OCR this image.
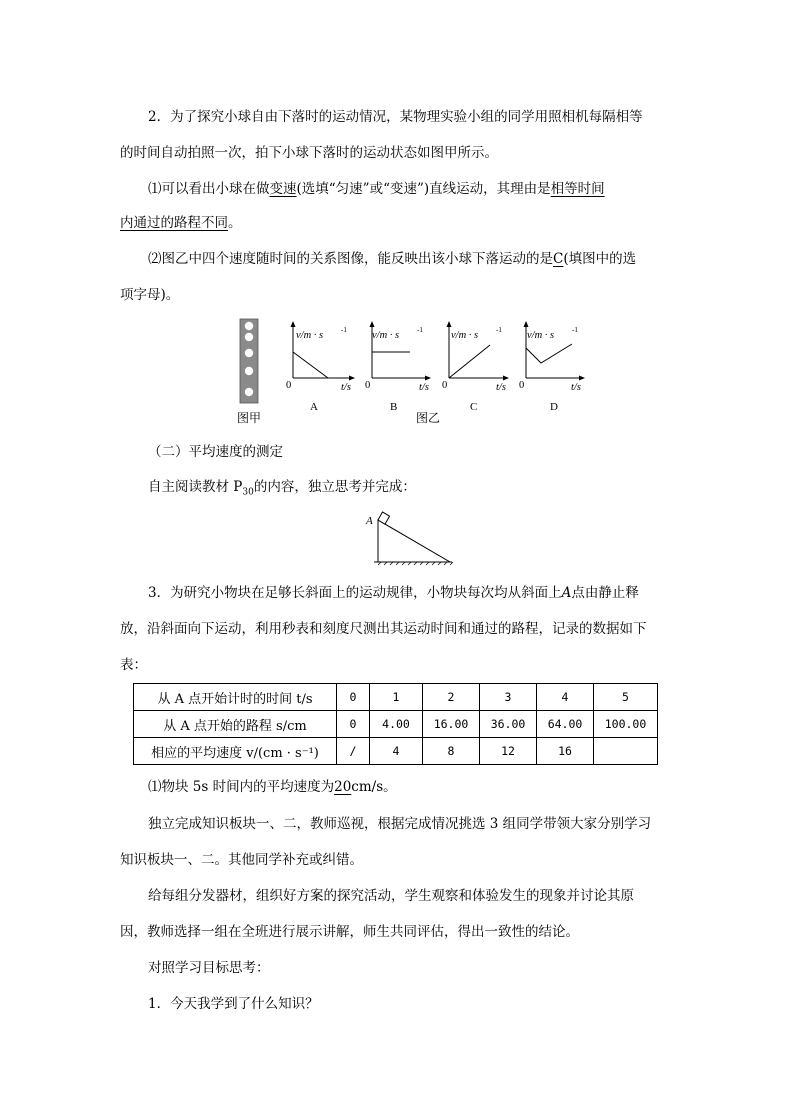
2．为了探究小球自由下落时的运动情况，某物理实验小组的同学用照相机每隔相等
的时间自动拍照一次，拍下小球下落时的运动状态如图甲所示。
⑴可以看出小球在做变速(选填“匀速”或“变速”)直线运动，其理由是相等时间
内通过的路程不同。
⑵图乙中四个速度随时间的关系图像，能反映出该小球下落运动的是C(填图中的选
项字母)。
图甲	图乙
v/m · s	-1
0	t/s
A
v/m · s	-1
0	t/s
B
v/m · s	-1
0	t/s
C
v/m · s	-1
0	t/s
D
（二）平均速度的测定
自主阅读教材 $P_{30}$的内容，独立思考并完成：
A
3．为研究小物块在足够长斜面上的运动规律，小物块每次均从斜面上A点由静止释
放，沿斜面向下运动，利用秒表和刻度尺测出其运动时间和通过的路程，记录的数据如下
表：
从 A 点开始计时的时间 t/s	0	1	2	3	4	5
从 A 点开始的路程 s/cm	0	4.00	16.00	36.00	64.00	100.00
相应的平均速度 v/(cm · s⁻¹)	/	4	8	12	16	
⑴物块 5s 时间内的平均速度为20cm/s。
独立完成知识板块一、二，教师巡视，根据完成情况挑选 3 组同学带领大家分别学习
知识板块一、二。其他同学补充或纠错。
给每组分发器材，组织好方案的探究活动，学生观察和体验发生的现象并讨论其原
因，教师选择一组在全班进行展示讲解，师生共同评估，得出一致性的结论。
对照学习目标思考：
1．今天我学到了什么知识？
